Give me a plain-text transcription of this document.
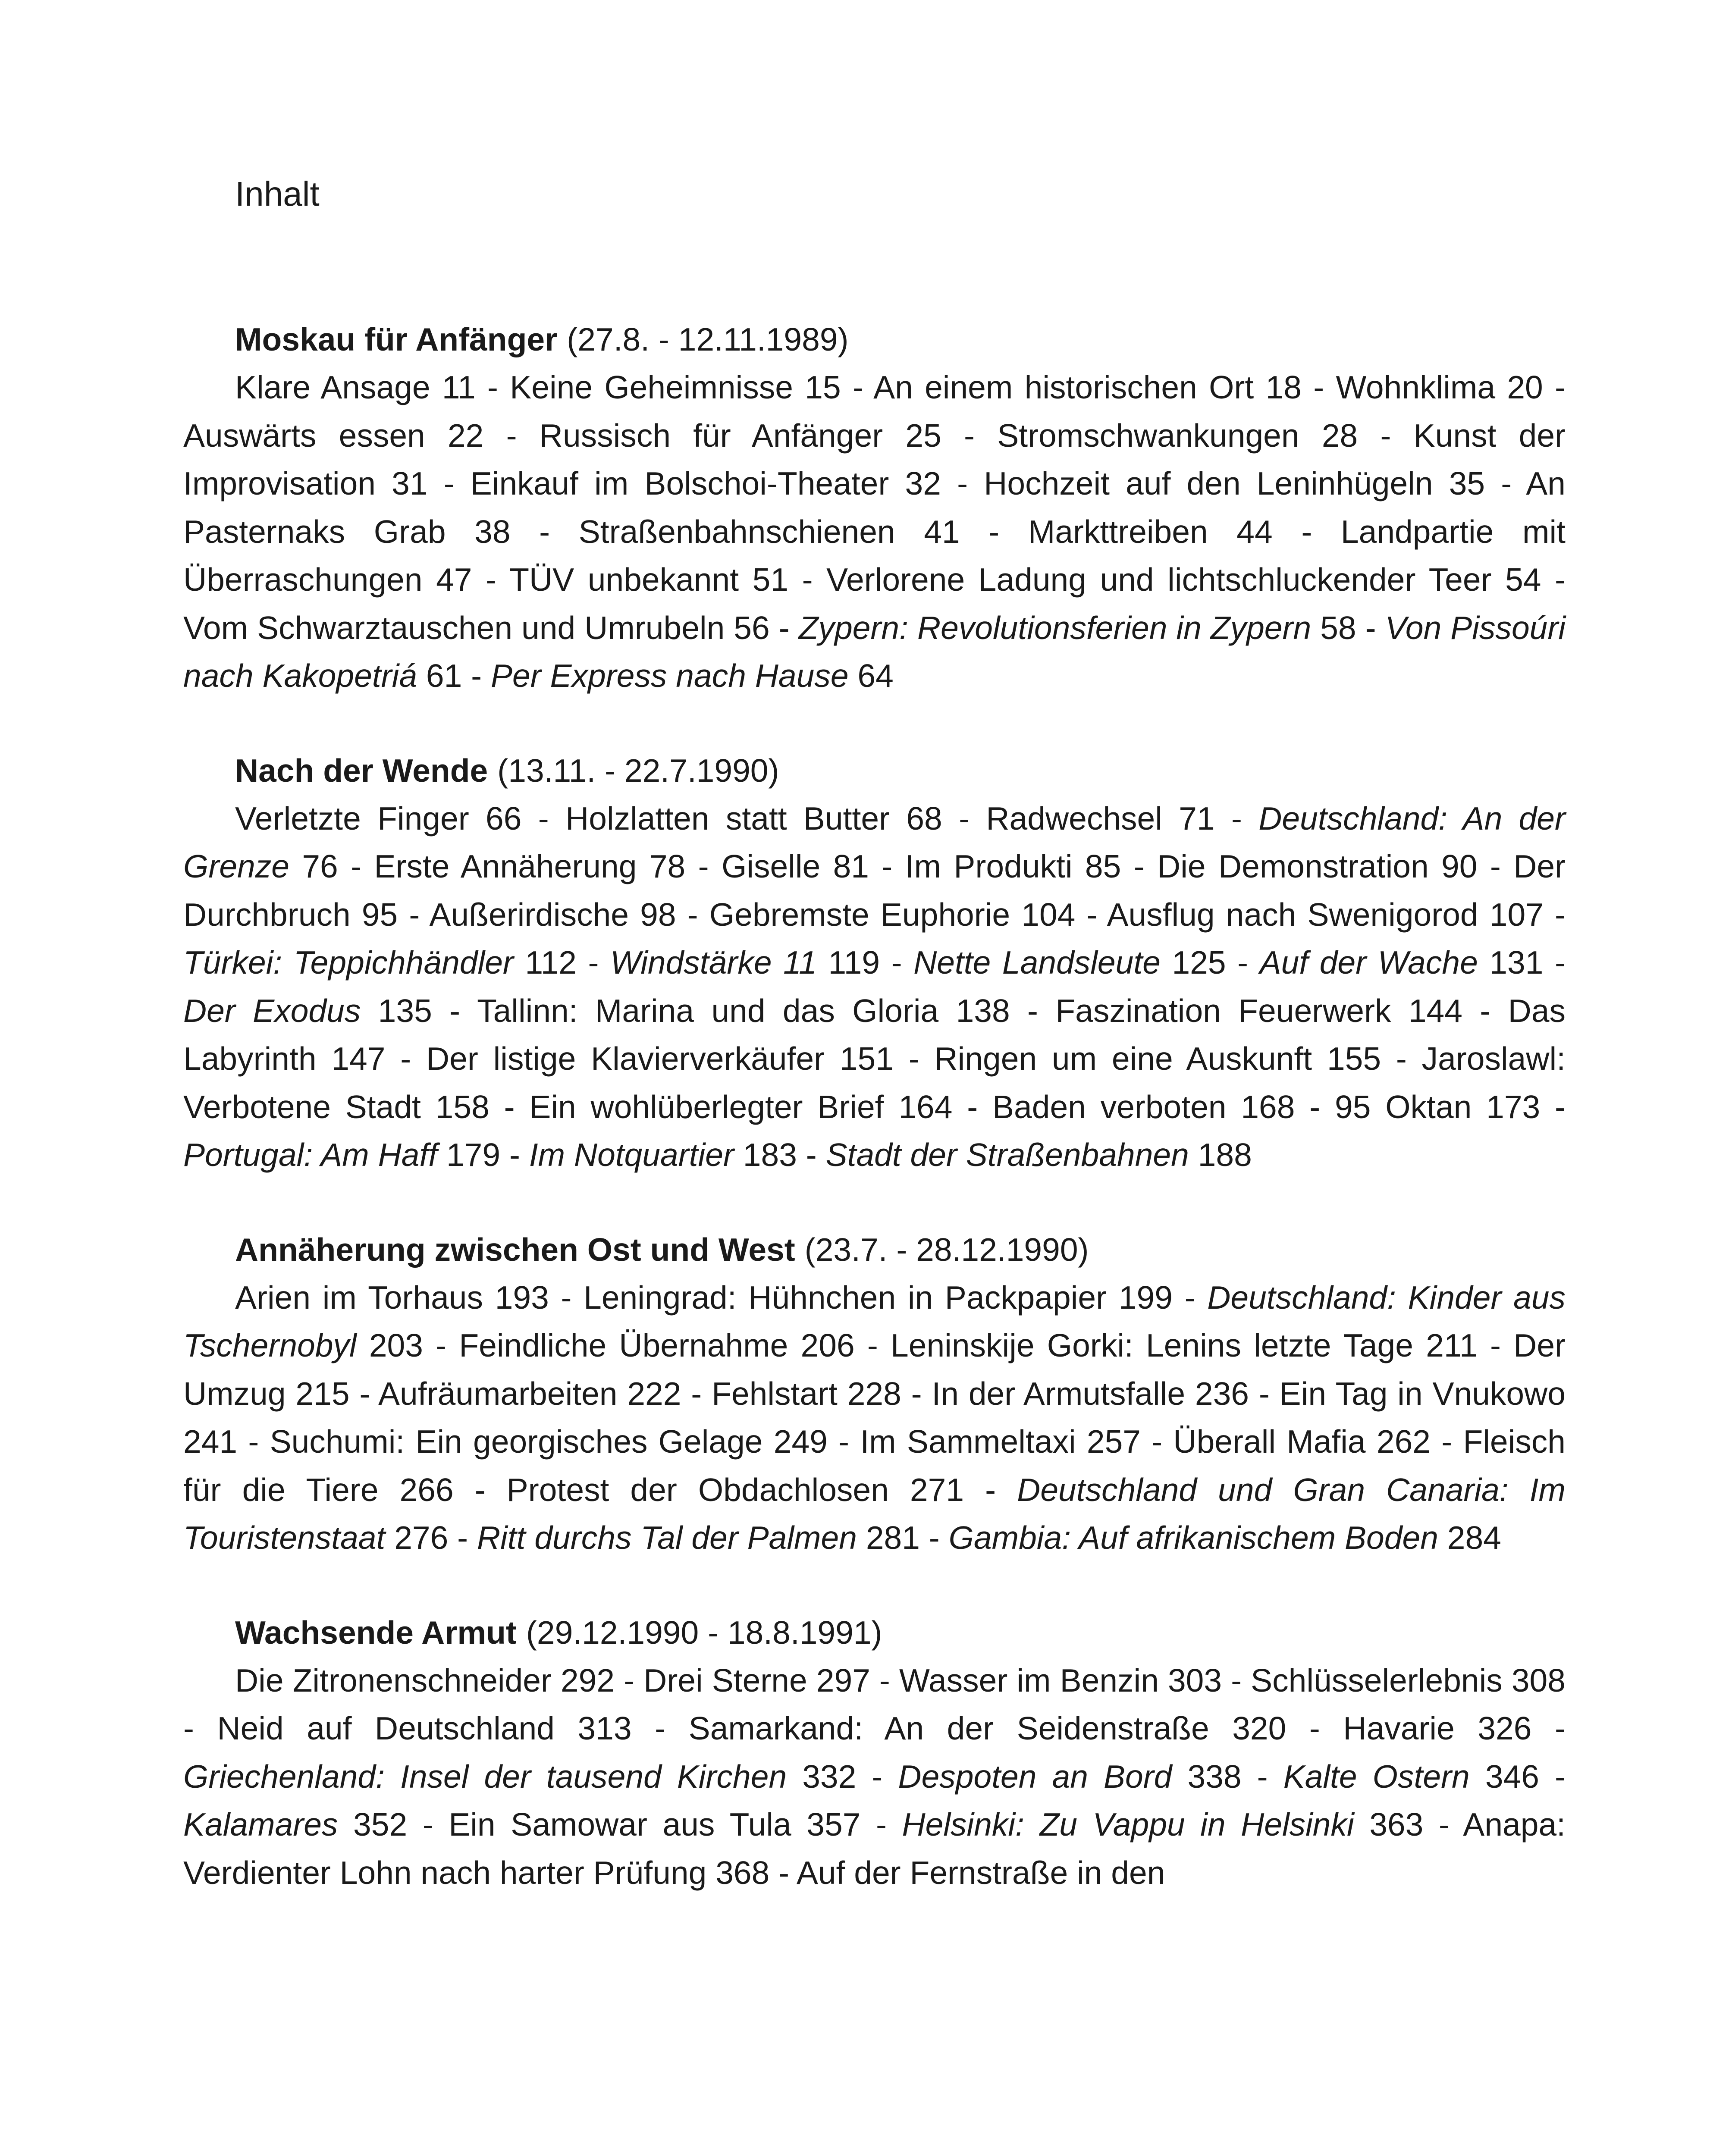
Inhalt

Moskau für Anfänger (27.8. - 12.11.1989)

Klare Ansage 11 - Keine Geheimnisse 15 - An einem historischen Ort 18 - Wohnklima 20 - Auswärts essen 22 - Russisch für Anfänger 25 - Stromschwankungen 28 - Kunst der Improvisation 31 - Einkauf im Bolschoi-Theater 32 - Hochzeit auf den Leninhügeln 35 - An Pasternaks Grab 38 - Straßenbahnschienen 41 - Markttreiben 44 - Landpartie mit Überraschungen 47 - TÜV unbekannt 51 - Verlorene Ladung und lichtschluckender Teer 54 - Vom Schwarztauschen und Umrubeln 56 - Zypern: Revolutionsferien in Zypern 58 - Von Pissoúri nach Kakopetriá 61 - Per Express nach Hause 64

Nach der Wende (13.11. - 22.7.1990)

Verletzte Finger 66 - Holzlatten statt Butter 68 - Radwechsel 71 - Deutschland: An der Grenze 76 - Erste Annäherung 78 - Giselle 81 - Im Produkti 85 - Die Demonstration 90 - Der Durchbruch 95 - Außerirdische 98 - Gebremste Euphorie 104 - Ausflug nach Swenigorod 107 - Türkei: Teppichhändler 112 - Windstärke 11 119 - Nette Landsleute 125 - Auf der Wache 131 - Der Exodus 135 - Tallinn: Marina und das Gloria 138 - Faszination Feuerwerk 144 - Das Labyrinth 147 - Der listige Klavierverkäufer 151 - Ringen um eine Auskunft 155 - Jaroslawl: Verbotene Stadt 158 - Ein wohlüberlegter Brief 164 - Baden verboten 168 - 95 Oktan 173 - Portugal: Am Haff 179 - Im Notquartier 183 - Stadt der Straßenbahnen 188

Annäherung zwischen Ost und West (23.7. - 28.12.1990)

Arien im Torhaus 193 - Leningrad: Hühnchen in Packpapier 199 - Deutschland: Kinder aus Tschernobyl 203 - Feindliche Übernahme 206 - Leninskije Gorki: Lenins letzte Tage 211 - Der Umzug 215 - Aufräumarbeiten 222 - Fehlstart 228 - In der Armutsfalle 236 - Ein Tag in Vnukowo 241 - Suchumi: Ein georgisches Gelage 249 - Im Sammeltaxi 257 - Überall Mafia 262 - Fleisch für die Tiere 266 - Protest der Obdachlosen 271 - Deutschland und Gran Canaria: Im Touristenstaat 276 - Ritt durchs Tal der Palmen 281 - Gambia: Auf afrikanischem Boden 284

Wachsende Armut (29.12.1990 - 18.8.1991)

Die Zitronenschneider 292 - Drei Sterne 297 - Wasser im Benzin 303 - Schlüsselerlebnis 308 - Neid auf Deutschland 313 - Samarkand: An der Seidenstraße 320 - Havarie 326 - Griechenland: Insel der tausend Kirchen 332 - Despoten an Bord 338 - Kalte Ostern 346 - Kalamares 352 - Ein Samowar aus Tula 357 - Helsinki: Zu Vappu in Helsinki 363 - Anapa: Verdienter Lohn nach harter Prüfung 368 - Auf der Fernstraße in den
